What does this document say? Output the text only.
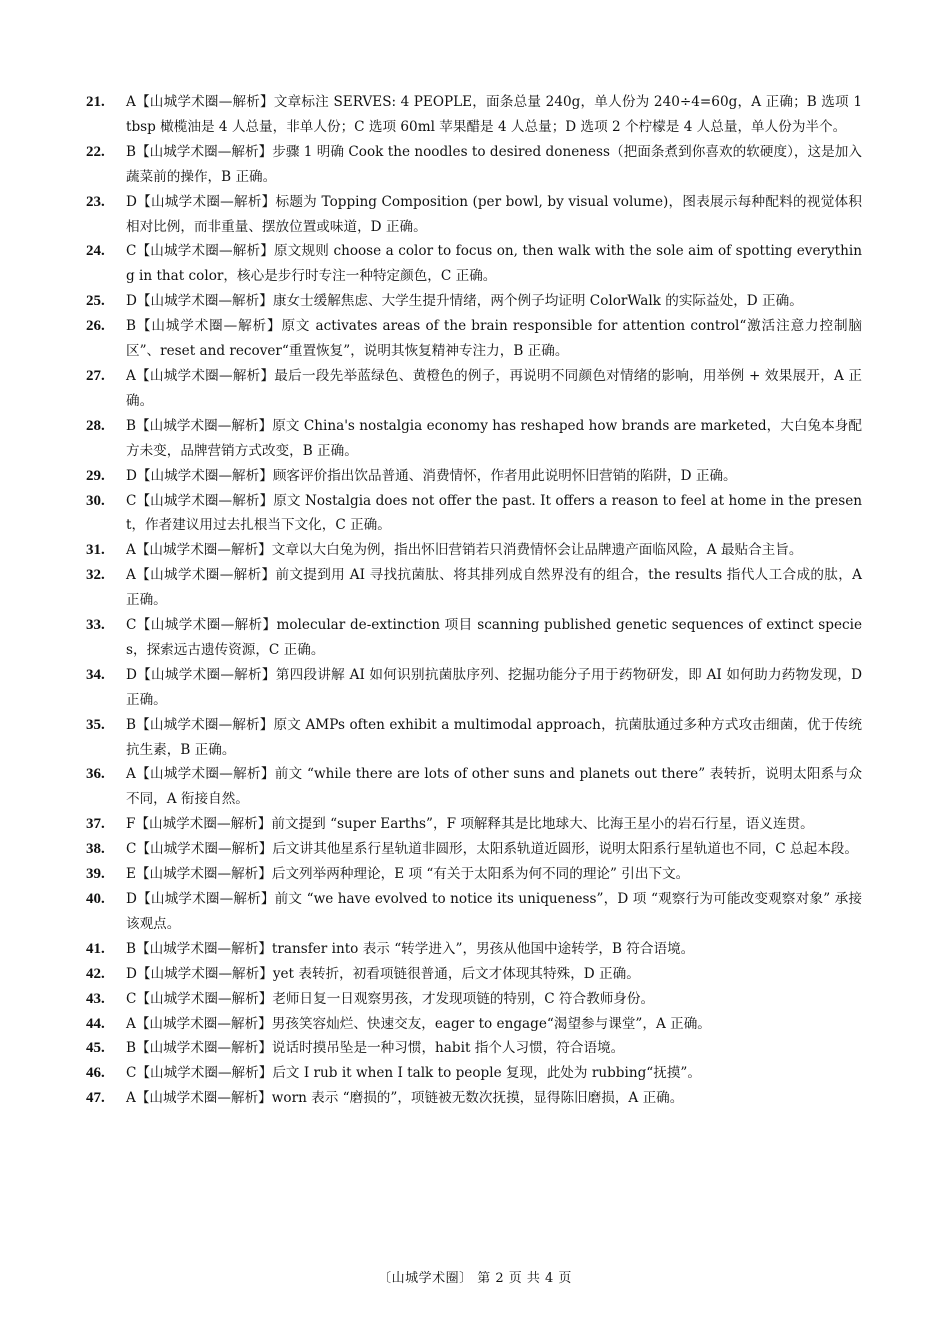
21.	A【山城学术圈—解析】文章标注 SERVES: 4 PEOPLE，面条总量 240g，单人份为 240÷4=60g，A 正确；B 选项 1 tbsp 橄榄油是 4 人总量，非单人份；C 选项 60ml 苹果醋是 4 人总量；D 选项 2 个柠檬是 4 人总量，单人份为半个。
22.	B【山城学术圈—解析】步骤 1 明确 Cook the noodles to desired doneness（把面条煮到你喜欢的软硬度），这是加入蔬菜前的操作，B 正确。
23.	D【山城学术圈—解析】标题为 Topping Composition (per bowl, by visual volume)，图表展示每种配料的视觉体积相对比例，而非重量、摆放位置或味道，D 正确。
24.	C【山城学术圈—解析】原文规则 choose a color to focus on, then walk with the sole aim of spotting everything in that color，核心是步行时专注一种特定颜色，C 正确。
25.	D【山城学术圈—解析】康女士缓解焦虑、大学生提升情绪，两个例子均证明 ColorWalk 的实际益处，D 正确。
26.	B【山城学术圈—解析】原文 activates areas of the brain responsible for attention control“激活注意力控制脑区”、reset and recover“重置恢复”，说明其恢复精神专注力，B 正确。
27.	A【山城学术圈—解析】最后一段先举蓝绿色、黄橙色的例子，再说明不同颜色对情绪的影响，用举例 + 效果展开，A 正确。
28.	B【山城学术圈—解析】原文 China's nostalgia economy has reshaped how brands are marketed，大白兔本身配方未变，品牌营销方式改变，B 正确。
29.	D【山城学术圈—解析】顾客评价指出饮品普通、消费情怀，作者用此说明怀旧营销的陷阱，D 正确。
30.	C【山城学术圈—解析】原文 Nostalgia does not offer the past. It offers a reason to feel at home in the present，作者建议用过去扎根当下文化，C 正确。
31.	A【山城学术圈—解析】文章以大白兔为例，指出怀旧营销若只消费情怀会让品牌遗产面临风险，A 最贴合主旨。
32.	A【山城学术圈—解析】前文提到用 AI 寻找抗菌肽、将其排列成自然界没有的组合，the results 指代人工合成的肽，A 正确。
33.	C【山城学术圈—解析】molecular de-extinction 项目 scanning published genetic sequences of extinct species，探索远古遗传资源，C 正确。
34.	D【山城学术圈—解析】第四段讲解 AI 如何识别抗菌肽序列、挖掘功能分子用于药物研发，即 AI 如何助力药物发现，D 正确。
35.	B【山城学术圈—解析】原文 AMPs often exhibit a multimodal approach，抗菌肽通过多种方式攻击细菌，优于传统抗生素，B 正确。
36.	A【山城学术圈—解析】前文 “while there are lots of other suns and planets out there” 表转折，说明太阳系与众不同，A 衔接自然。
37.	F【山城学术圈—解析】前文提到 “super Earths”，F 项解释其是比地球大、比海王星小的岩石行星，语义连贯。
38.	C【山城学术圈—解析】后文讲其他星系行星轨道非圆形，太阳系轨道近圆形，说明太阳系行星轨道也不同，C 总起本段。
39.	E【山城学术圈—解析】后文列举两种理论，E 项 “有关于太阳系为何不同的理论” 引出下文。
40.	D【山城学术圈—解析】前文 “we have evolved to notice its uniqueness”，D 项 “观察行为可能改变观察对象” 承接该观点。
41.	B【山城学术圈—解析】transfer into 表示 “转学进入”，男孩从他国中途转学，B 符合语境。
42.	D【山城学术圈—解析】yet 表转折，初看项链很普通，后文才体现其特殊，D 正确。
43.	C【山城学术圈—解析】老师日复一日观察男孩，才发现项链的特别，C 符合教师身份。
44.	A【山城学术圈—解析】男孩笑容灿烂、快速交友，eager to engage“渴望参与课堂”，A 正确。
45.	B【山城学术圈—解析】说话时摸吊坠是一种习惯，habit 指个人习惯，符合语境。
46.	C【山城学术圈—解析】后文 I rub it when I talk to people 复现，此处为 rubbing“抚摸”。
47.	A【山城学术圈—解析】worn 表示 “磨损的”，项链被无数次抚摸，显得陈旧磨损，A 正确。
〔山城学术圈〕 第 2 页 共 4 页
